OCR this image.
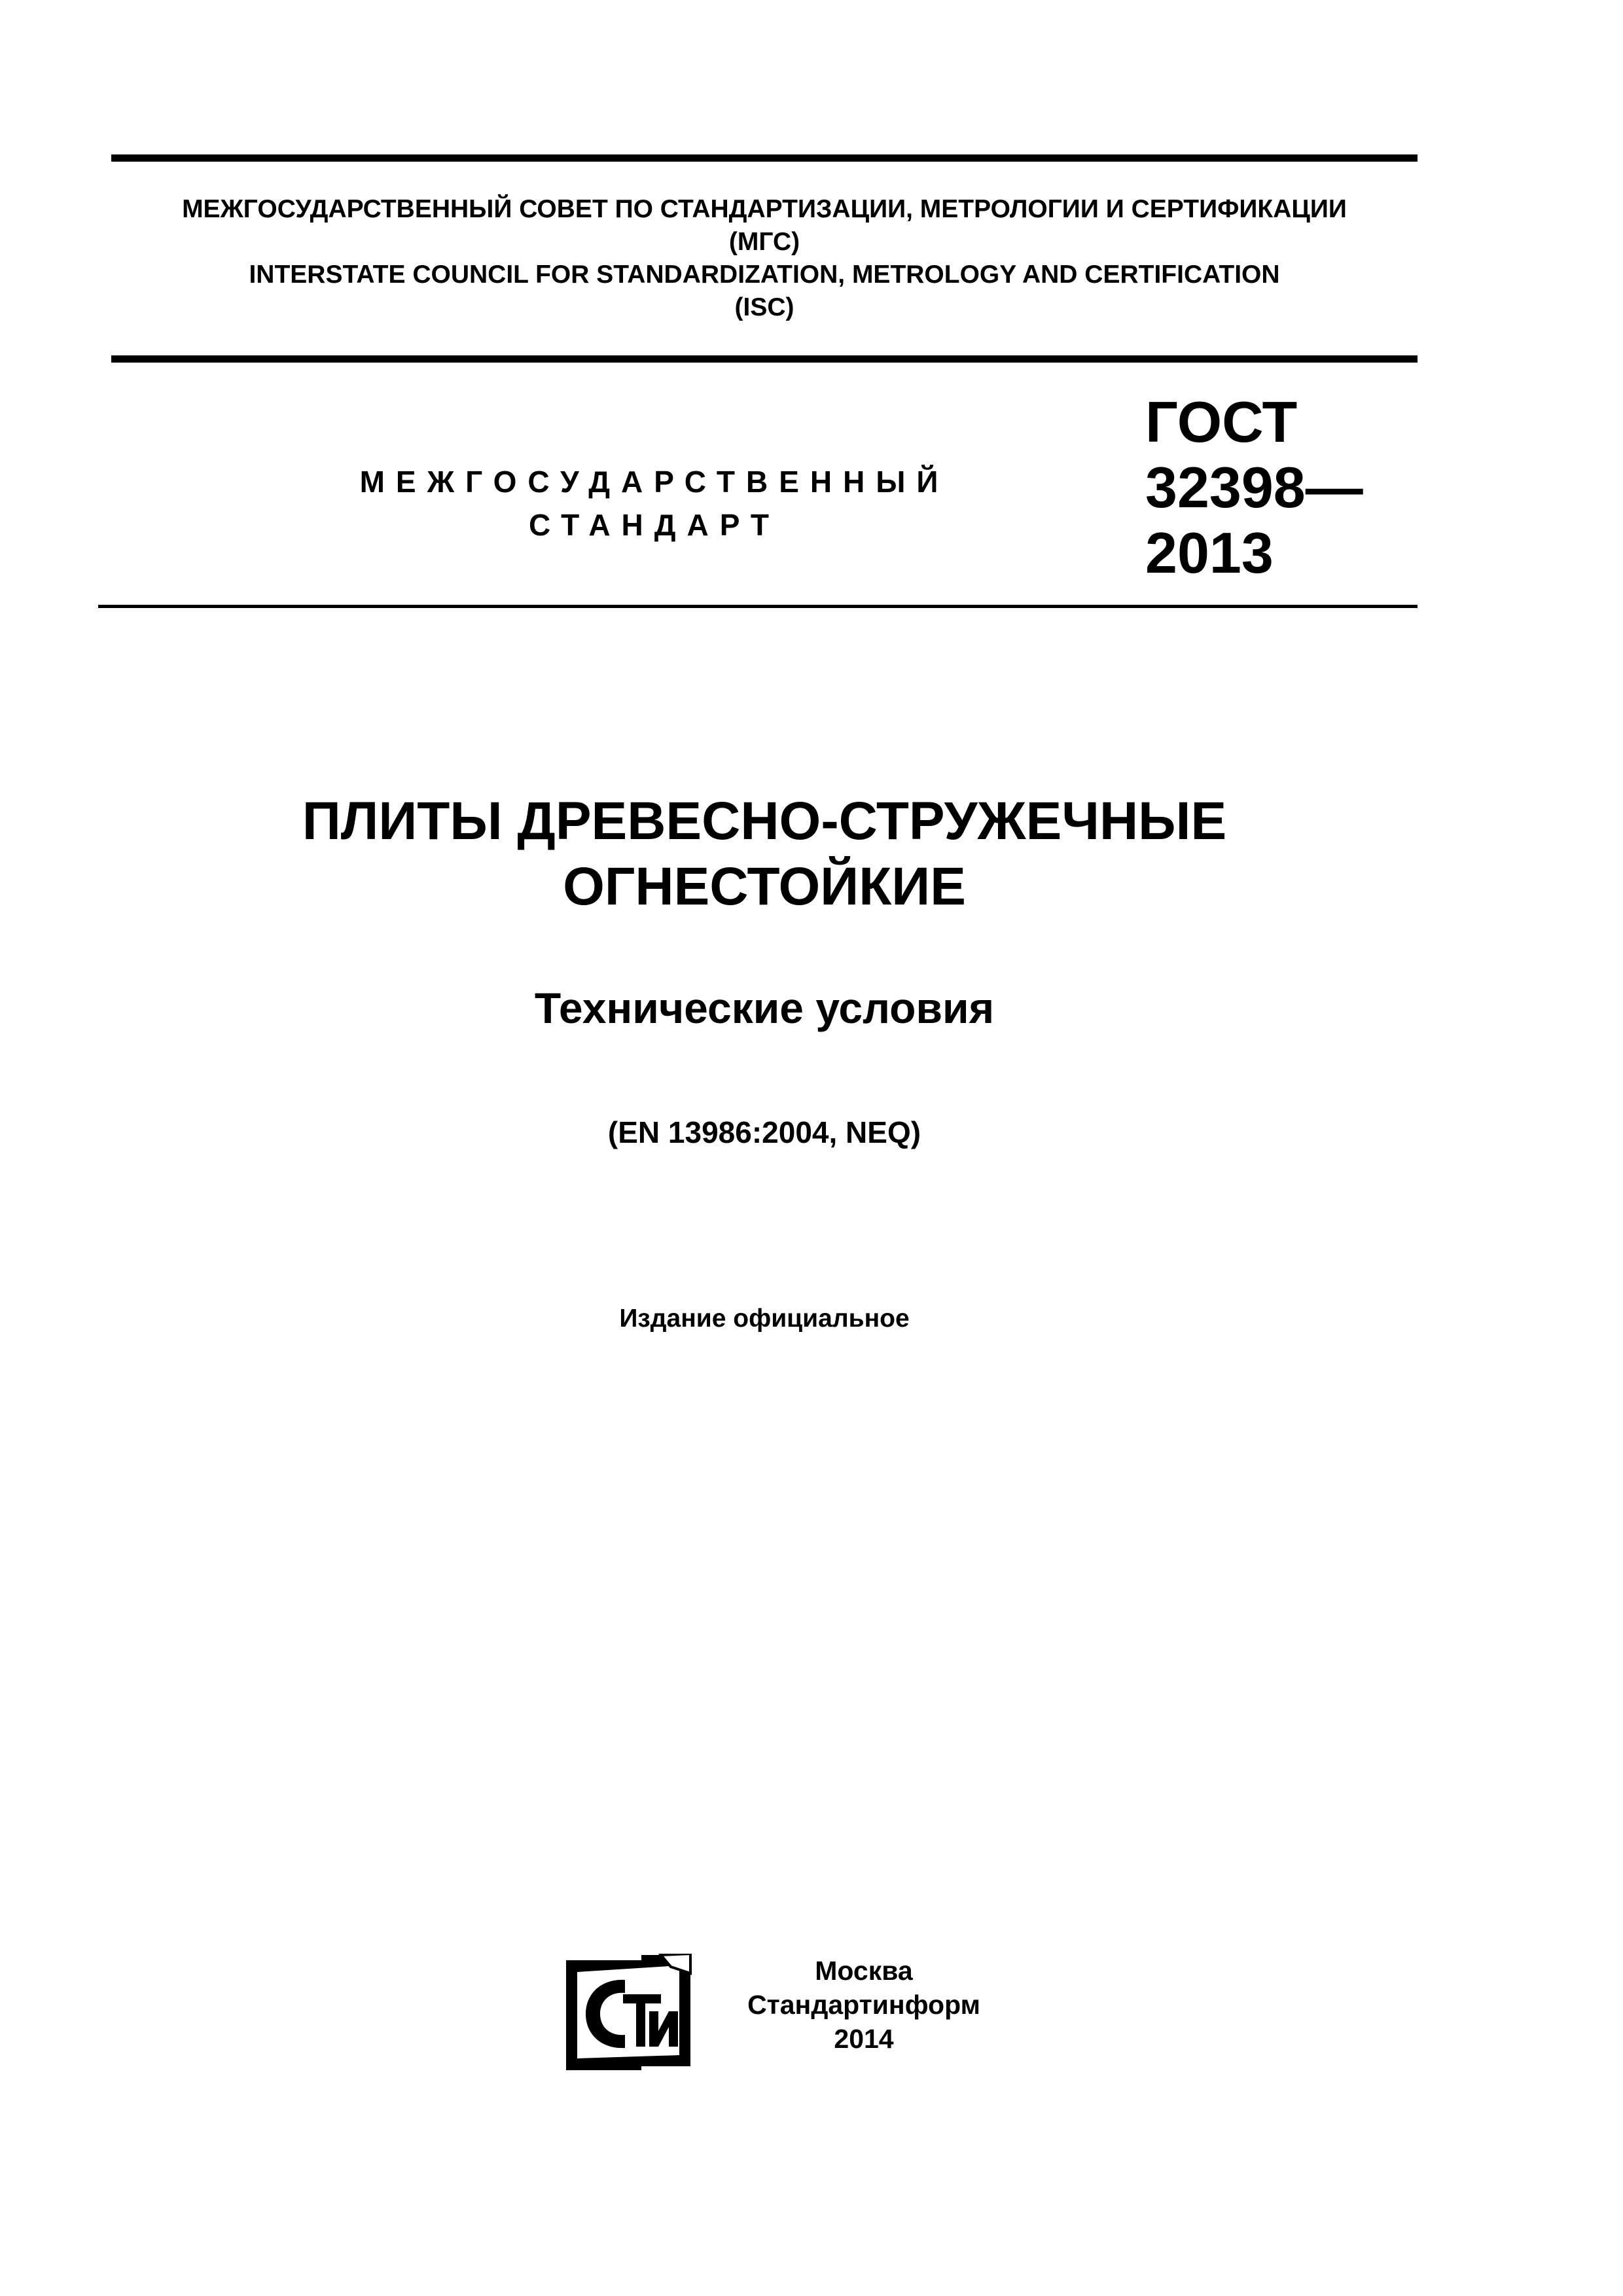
МЕЖГОСУДАРСТВЕННЫЙ СОВЕТ ПО СТАНДАРТИЗАЦИИ, МЕТРОЛОГИИ И СЕРТИФИКАЦИИ
(МГС)
INTERSTATE COUNCIL FOR STANDARDIZATION, METROLOGY AND CERTIFICATION
(ISC)
МЕЖГОСУДАРСТВЕННЫЙ
СТАНДАРТ
ГОСТ
32398—
2013
ПЛИТЫ ДРЕВЕСНО-СТРУЖЕЧНЫЕ
ОГНЕСТОЙКИЕ
Технические условия
(EN 13986:2004, NEQ)
Издание официальное
Москва
Стандартинформ
2014
